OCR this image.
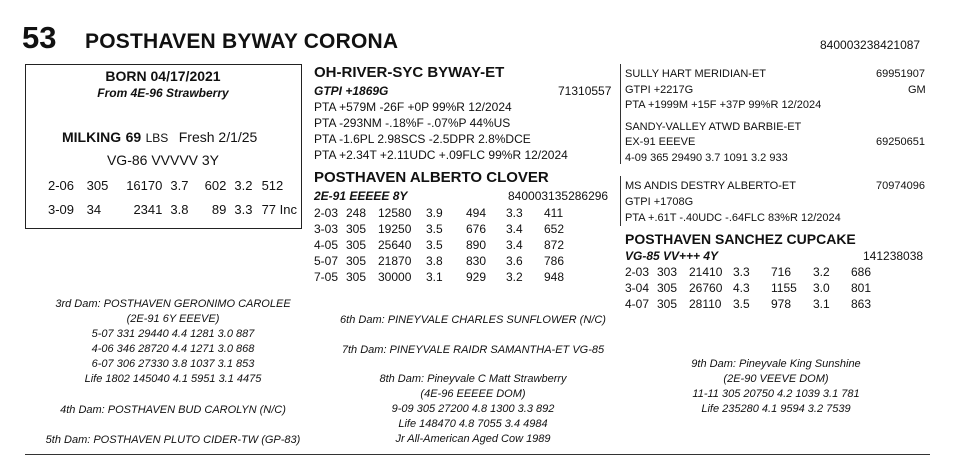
53 POSTHAVEN BYWAY CORONA	840003238421087
BORN 04/17/2021
From 4E-96 Strawberry
MILKING 69 LBS Fresh 2/1/25
VG-86 VVVVV 3Y
2-06	305	16170	3.7	602	3.2	512

3-09	34	2341	3.8	89	3.3	77 Inc
OH-RIVER-SYC BYWAY-ET
GTPI +1869G	71310557
PTA +579M -26F +0P 99%R 12/2024
PTA -293NM -.18%F -.07%P 44%US
PTA -1.6PL 2.98SCS -2.5DPR 2.8%DCE
PTA +2.34T +2.11UDC +.09FLC 99%R 12/2024
POSTHAVEN ALBERTO CLOVER
2E-91 EEEEE 8Y	840003135286296
2-03	248	12580	3.9	494	3.3	411
3-03	305	19250	3.5	676	3.4	652
4-05	305	25640	3.5	890	3.4	872
5-07	305	21870	3.8	830	3.6	786
7-05	305	30000	3.1	929	3.2	948
SULLY HART MERIDIAN-ET	69951907
GTPI +2217G	GM
PTA +1999M +15F +37P 99%R 12/2024
SANDY-VALLEY ATWD BARBIE-ET
EX-91 EEEVE	69250651
4-09 365 29490 3.7 1091 3.2 933
MS ANDIS DESTRY ALBERTO-ET	70974096
GTPI +1708G
PTA +.61T -.40UDC -.64FLC 83%R 12/2024
POSTHAVEN SANCHEZ CUPCAKE
VG-85 VV+++ 4Y	141238038
2-03	303	21410	3.3	716	3.2	686
3-04	305	26760	4.3	1155	3.0	801
4-07	305	28110	3.5	978	3.1	863
3rd Dam: POSTHAVEN GERONIMO CAROLEE
(2E-91 6Y EEEVE)
5-07 331 29440 4.4 1281 3.0 887
4-06 346 28720 4.4 1271 3.0 868
6-07 306 27330 3.8 1037 3.1 853
Life 1802 145040 4.1 5951 3.1 4475
4th Dam: POSTHAVEN BUD CAROLYN (N/C)
5th Dam: POSTHAVEN PLUTO CIDER-TW (GP-83)
6th Dam: PINEYVALE CHARLES SUNFLOWER (N/C)
7th Dam: PINEYVALE RAIDR SAMANTHA-ET VG-85
8th Dam: Pineyvale C Matt Strawberry
(4E-96 EEEEE DOM)
9-09 305 27200 4.8 1300 3.3 892
Life 148470 4.8 7055 3.4 4984
Jr All-American Aged Cow 1989
9th Dam: Pineyvale King Sunshine
(2E-90 VEEVE DOM)
11-11 305 20750 4.2 1039 3.1 781
Life 235280 4.1 9594 3.2 7539
